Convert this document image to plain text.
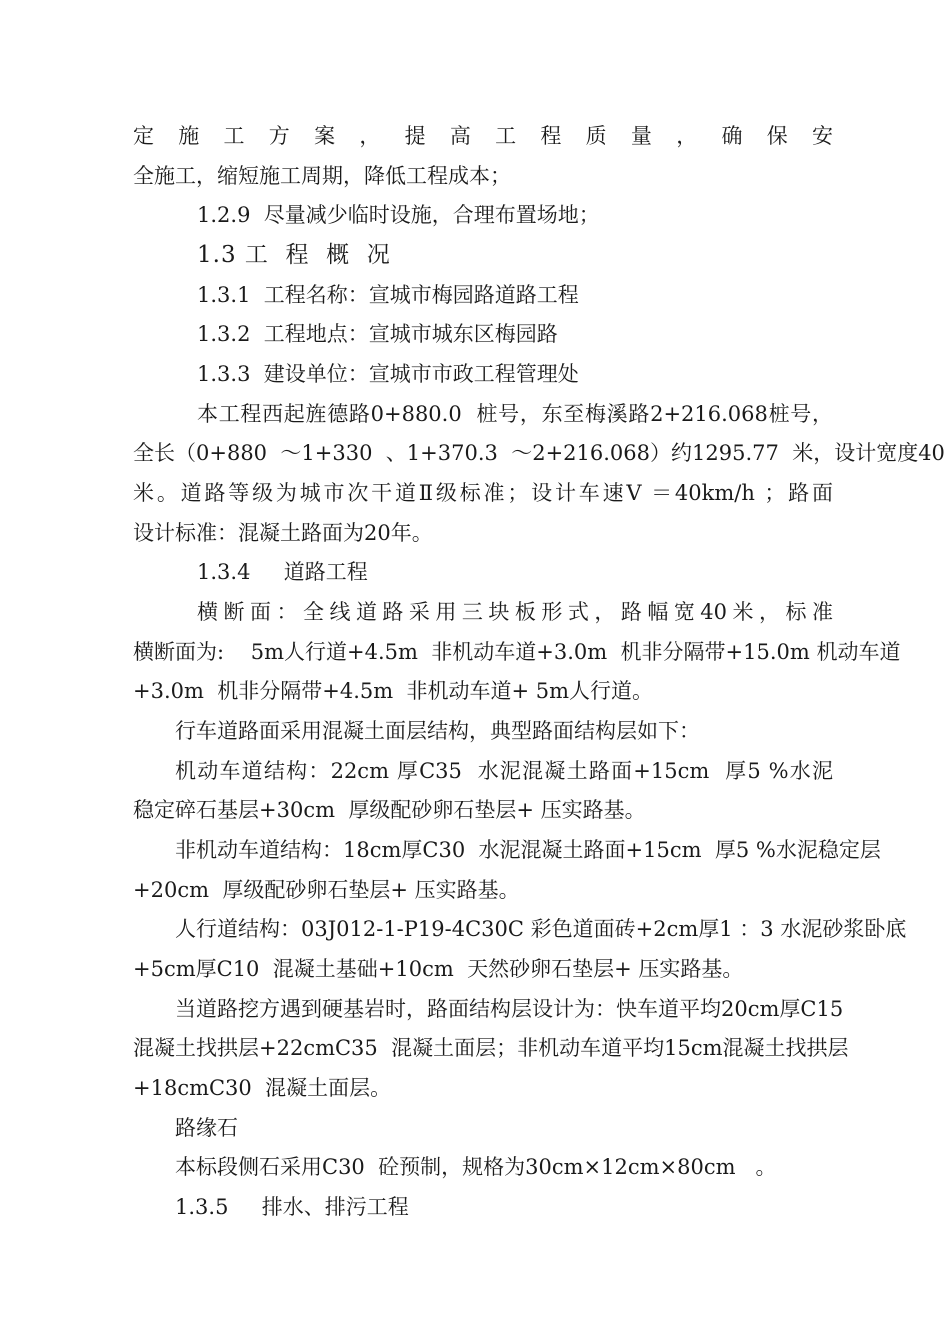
定 施 工 方 案 ， 提 高 工 程 质 量 ， 确 保 安
全施工，缩短施工周期，降低工程成本；
1.2.9  尽量减少临时设施，合理布置场地；
1.3 工  程  概  况
1.3.1  工程名称：宣城市梅园路道路工程
1.3.2  工程地点：宣城市城东区梅园路
1.3.3  建设单位：宣城市市政工程管理处
本工程西起旌德路0+880.0  桩号，东至梅溪路2+216.068桩号，
全长（0+880  ～1+330  、1+370.3  ～2+216.068）约1295.77  米，设计宽度40
米。道路等级为城市次干道Ⅱ级标准；设计车速V ＝40km/h ；路面
设计标准：混凝土路面为20年。
1.3.4     道路工程
横断面：全线道路采用三块板形式，路幅宽40米，标准
横断面为:    5m人行道+4.5m  非机动车道+3.0m  机非分隔带+15.0m 机动车道
+3.0m  机非分隔带+4.5m  非机动车道+ 5m人行道。
行车道路面采用混凝土面层结构，典型路面结构层如下：
机动车道结构：22cm 厚C35  水泥混凝土路面+15cm  厚5 %水泥
稳定碎石基层+30cm  厚级配砂卵石垫层+ 压实路基。
非机动车道结构：18cm厚C30  水泥混凝土路面+15cm  厚5 %水泥稳定层
+20cm  厚级配砂卵石垫层+ 压实路基。
人行道结构：03J012-1-P19-4C30C 彩色道面砖+2cm厚1 ：3 水泥砂浆卧底
+5cm厚C10  混凝土基础+10cm  天然砂卵石垫层+ 压实路基。
当道路挖方遇到硬基岩时，路面结构层设计为：快车道平均20cm厚C15
混凝土找拱层+22cmC35  混凝土面层；非机动车道平均15cm混凝土找拱层
+18cmC30  混凝土面层。
路缘石
本标段侧石采用C30  砼预制，规格为30cm×12cm×80cm   。
1.3.5     排水、排污工程
